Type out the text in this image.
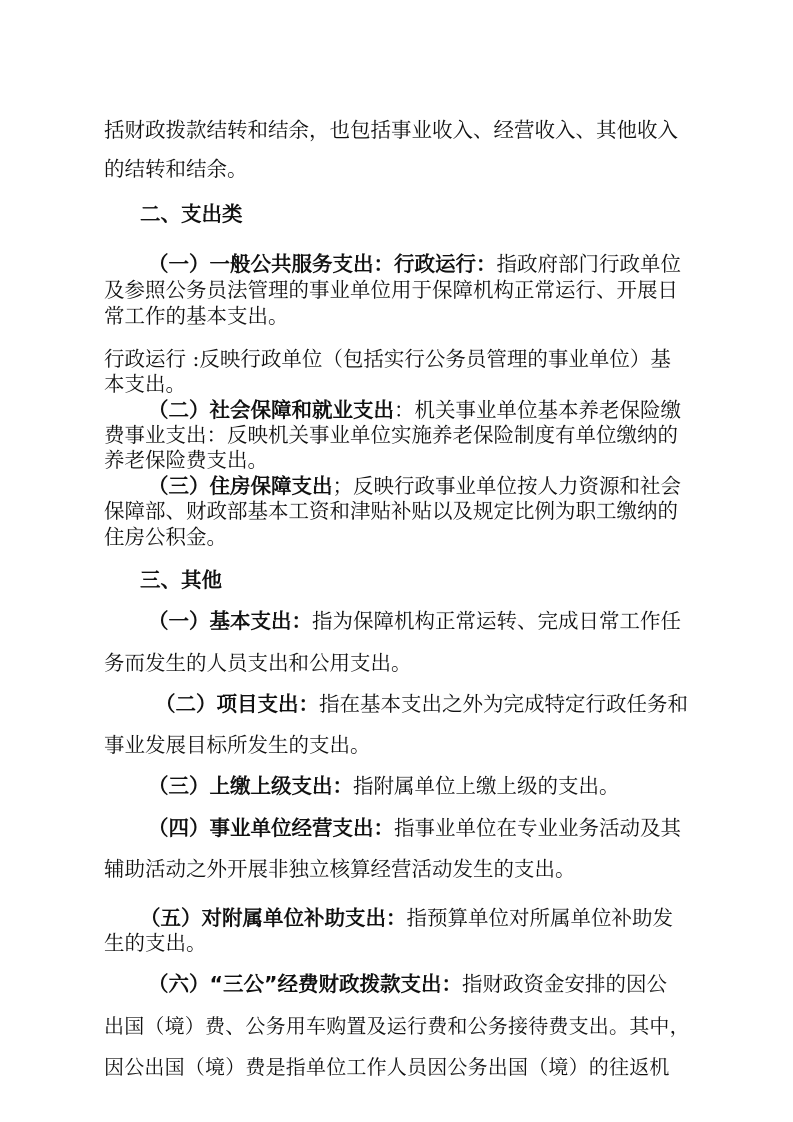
括财政拨款结转和结余，也包括事业收入、经营收入、其他收入
的结转和结余。
二、支出类
（一）一般公共服务支出：行政运行：指政府部门行政单位
及参照公务员法管理的事业单位用于保障机构正常运行、开展日
常工作的基本支出。
行政运行 :反映行政单位（包括实行公务员管理的事业单位）基
本支出。
（二）社会保障和就业支出：机关事业单位基本养老保险缴
费事业支出：反映机关事业单位实施养老保险制度有单位缴纳的
养老保险费支出。
（三）住房保障支出；反映行政事业单位按人力资源和社会
保障部、财政部基本工资和津贴补贴以及规定比例为职工缴纳的
住房公积金。
三、其他
（一）基本支出：指为保障机构正常运转、完成日常工作任
务而发生的人员支出和公用支出。
（二）项目支出：指在基本支出之外为完成特定行政任务和
事业发展目标所发生的支出。
（三）上缴上级支出：指附属单位上缴上级的支出。
（四）事业单位经营支出：指事业单位在专业业务活动及其
辅助活动之外开展非独立核算经营活动发生的支出。
（五）对附属单位补助支出：指预算单位对所属单位补助发
生的支出。
（六）“三公”经费财政拨款支出：指财政资金安排的因公
出国（境）费、公务用车购置及运行费和公务接待费支出。其中，
因公出国（境）费是指单位工作人员因公务出国（境）的往返机
